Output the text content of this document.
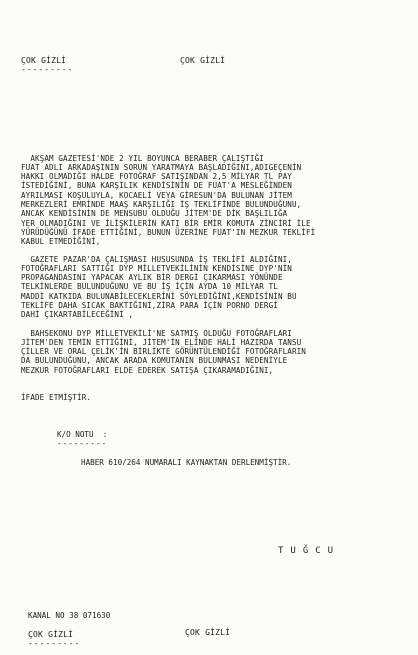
ÇOK GİZLİ
---------
ÇOK GİZLİ

AKŞAM GAZETESİ'NDE 2 YIL BOYUNCA BERABER ÇALIŞTIĞI
FUAT ADLI ARKADAŞININ SORUN YARATMAYA BAŞLADIĞINI,ADIGEÇENİN
HAKKI OLMADIĞI HALDE FOTOĞRAF SATIŞINDAN 2,5 MİLYAR TL PAY
İSTEDİĞİNİ, BUNA KARŞILIK KENDİSİNİN DE FUAT'A MESLEĞİNDEN
AYRILMASI KOŞULUYLA, KOCAELİ VEYA GİRESUN'DA BULUNAN JİTEM
MERKEZLERİ EMRİNDE MAAŞ KARŞILIĞI İŞ TEKLİFİNDE BULUNDUĞUNU,
ANCAK KENDİSİNİN DE MENSUBU OLDUĞU JİTEM'DE DİK BAŞLILIĞA
YER OLMADIĞINI VE İLİŞKİLERİN KATI BİR EMİR KOMUTA ZİNCİRİ İLE
YÜRÜDÜĞÜNÜ İFADE ETTİĞİNİ, BUNUN ÜZERİNE FUAT'IN MEZKUR TEKLİFİ
KABUL ETMEDİĞİNİ,

GAZETE PAZAR'DA ÇALIŞMASI HUSUSUNDA İŞ TEKLİFİ ALDIĞINI,
FOTOĞRAFLARI SATTIĞI DYP MİLLETVEKİLİNİN KENDİSİNE DYP'NİN
PROPAGANDASINI YAPACAK AYLIK BİR DERGİ ÇIKARMASI YÖNÜNDE
TELKİNLERDE BULUNDUĞUNU VE BU İŞ İÇİN AYDA 10 MİLYAR TL
MADDİ KATKIDA BULUNABİLECEKLERİNİ SÖYLEDİĞİNİ,KENDİSİNİN BU
TEKLİFE DAHA SICAK BAKTIĞINI,ZİRA PARA İÇİN PORNO DERGİ
DAHİ ÇIKARTABİLECEĞİNİ ,

BAHSEKONU DYP MİLLETVEKİLİ'NE SATMIŞ OLDUĞU FOTOĞRAFLARI
JİTEM'DEN TEMİN ETTİĞİNİ, JİTEM'İN ELİNDE HALİ HAZIRDA TANSU
ÇİLLER VE ORAL ÇELİK'İN BİRLİKTE GÖRÜNTÜLENDİĞİ FOTOĞRAFLARIN
DA BULUNDUĞUNU, ANCAK ARADA KOMUTANIN BULUNMASI NEDENİYLE
MEZKUR FOTOĞRAFLARI ELDE EDEREK SATIŞA ÇIKARAMADIĞINI,

İFADE ETMİŞTİR.

K/O NOTU  :
---------
HABER 610/264 NUMARALI KAYNAKTAN DERLENMİŞTİR.
TUĞCU
KANAL NO 38 071630
ÇOK GİZLİ
---------
ÇOK GİZLİ
